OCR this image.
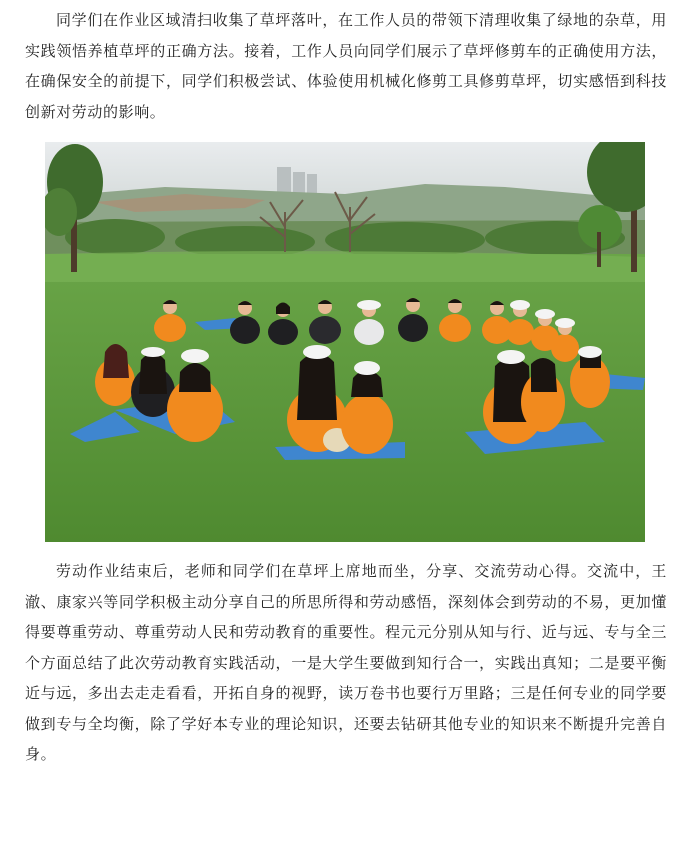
同学们在作业区域清扫收集了草坪落叶，在工作人员的带领下清理收集了绿地的杂草，用实践领悟养植草坪的正确方法。接着，工作人员向同学们展示了草坪修剪车的正确使用方法，在确保安全的前提下，同学们积极尝试、体验使用机械化修剪工具修剪草坪，切实感悟到科技创新对劳动的影响。

劳动作业结束后，老师和同学们在草坪上席地而坐，分享、交流劳动心得。交流中，王澈、康家兴等同学积极主动分享自己的所思所得和劳动感悟，深刻体会到劳动的不易，更加懂得要尊重劳动、尊重劳动人民和劳动教育的重要性。程元元分别从知与行、近与远、专与全三个方面总结了此次劳动教育实践活动，一是大学生要做到知行合一，实践出真知；二是要平衡近与远，多出去走走看看，开拓自身的视野，读万卷书也要行万里路；三是任何专业的同学要做到专与全均衡，除了学好本专业的理论知识，还要去钻研其他专业的知识来不断提升完善自身。
